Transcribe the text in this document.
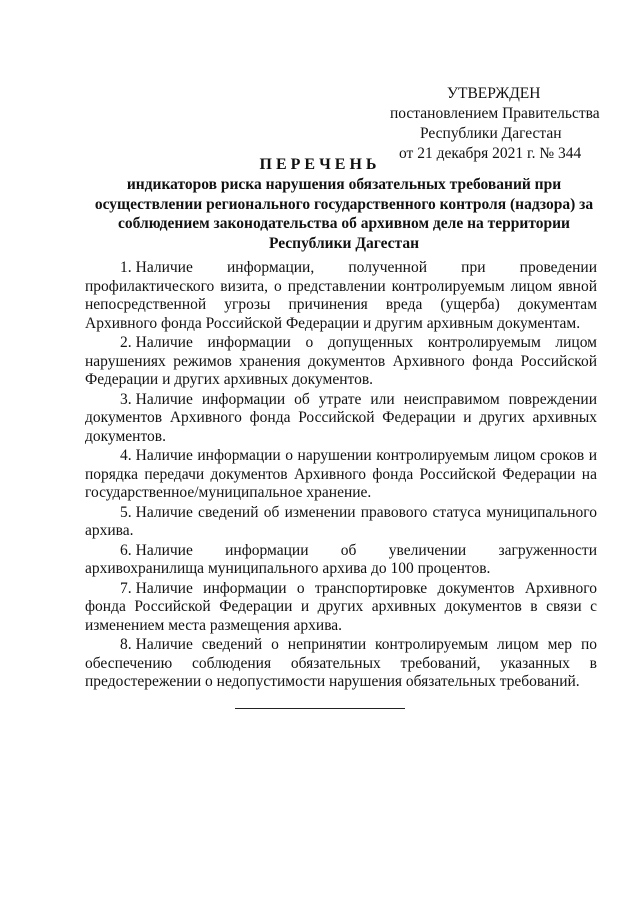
УТВЕРЖДЕН
постановлением Правительства
Республики Дагестан
от 21 декабря 2021 г. № 344
ПЕРЕЧЕНЬ
индикаторов риска нарушения обязательных требований при
осуществлении регионального государственного контроля (надзора) за
соблюдением законодательства об архивном деле на территории
Республики Дагестан

1. Наличие информации, полученной при проведении профилактического визита, о представлении контролируемым лицом явной непосредственной угрозы причинения вреда (ущерба) документам Архивного фонда Российской Федерации и другим архивным документам.

2. Наличие информации о допущенных контролируемым лицом нарушениях режимов хранения документов Архивного фонда Российской Федерации и других архивных документов.

3. Наличие информации об утрате или неисправимом повреждении документов Архивного фонда Российской Федерации и других архивных документов.

4. Наличие информации о нарушении контролируемым лицом сроков и порядка передачи документов Архивного фонда Российской Федерации на государственное/муниципальное хранение.

5. Наличие сведений об изменении правового статуса муниципального архива.

6. Наличие информации об увеличении загруженности архивохранилища муниципального архива до 100 процентов.

7. Наличие информации о транспортировке документов Архивного фонда Российской Федерации и других архивных документов в связи с изменением места размещения архива.

8. Наличие сведений о непринятии контролируемым лицом мер по обеспечению соблюдения обязательных требований, указанных в предостережении о недопустимости нарушения обязательных требований.
